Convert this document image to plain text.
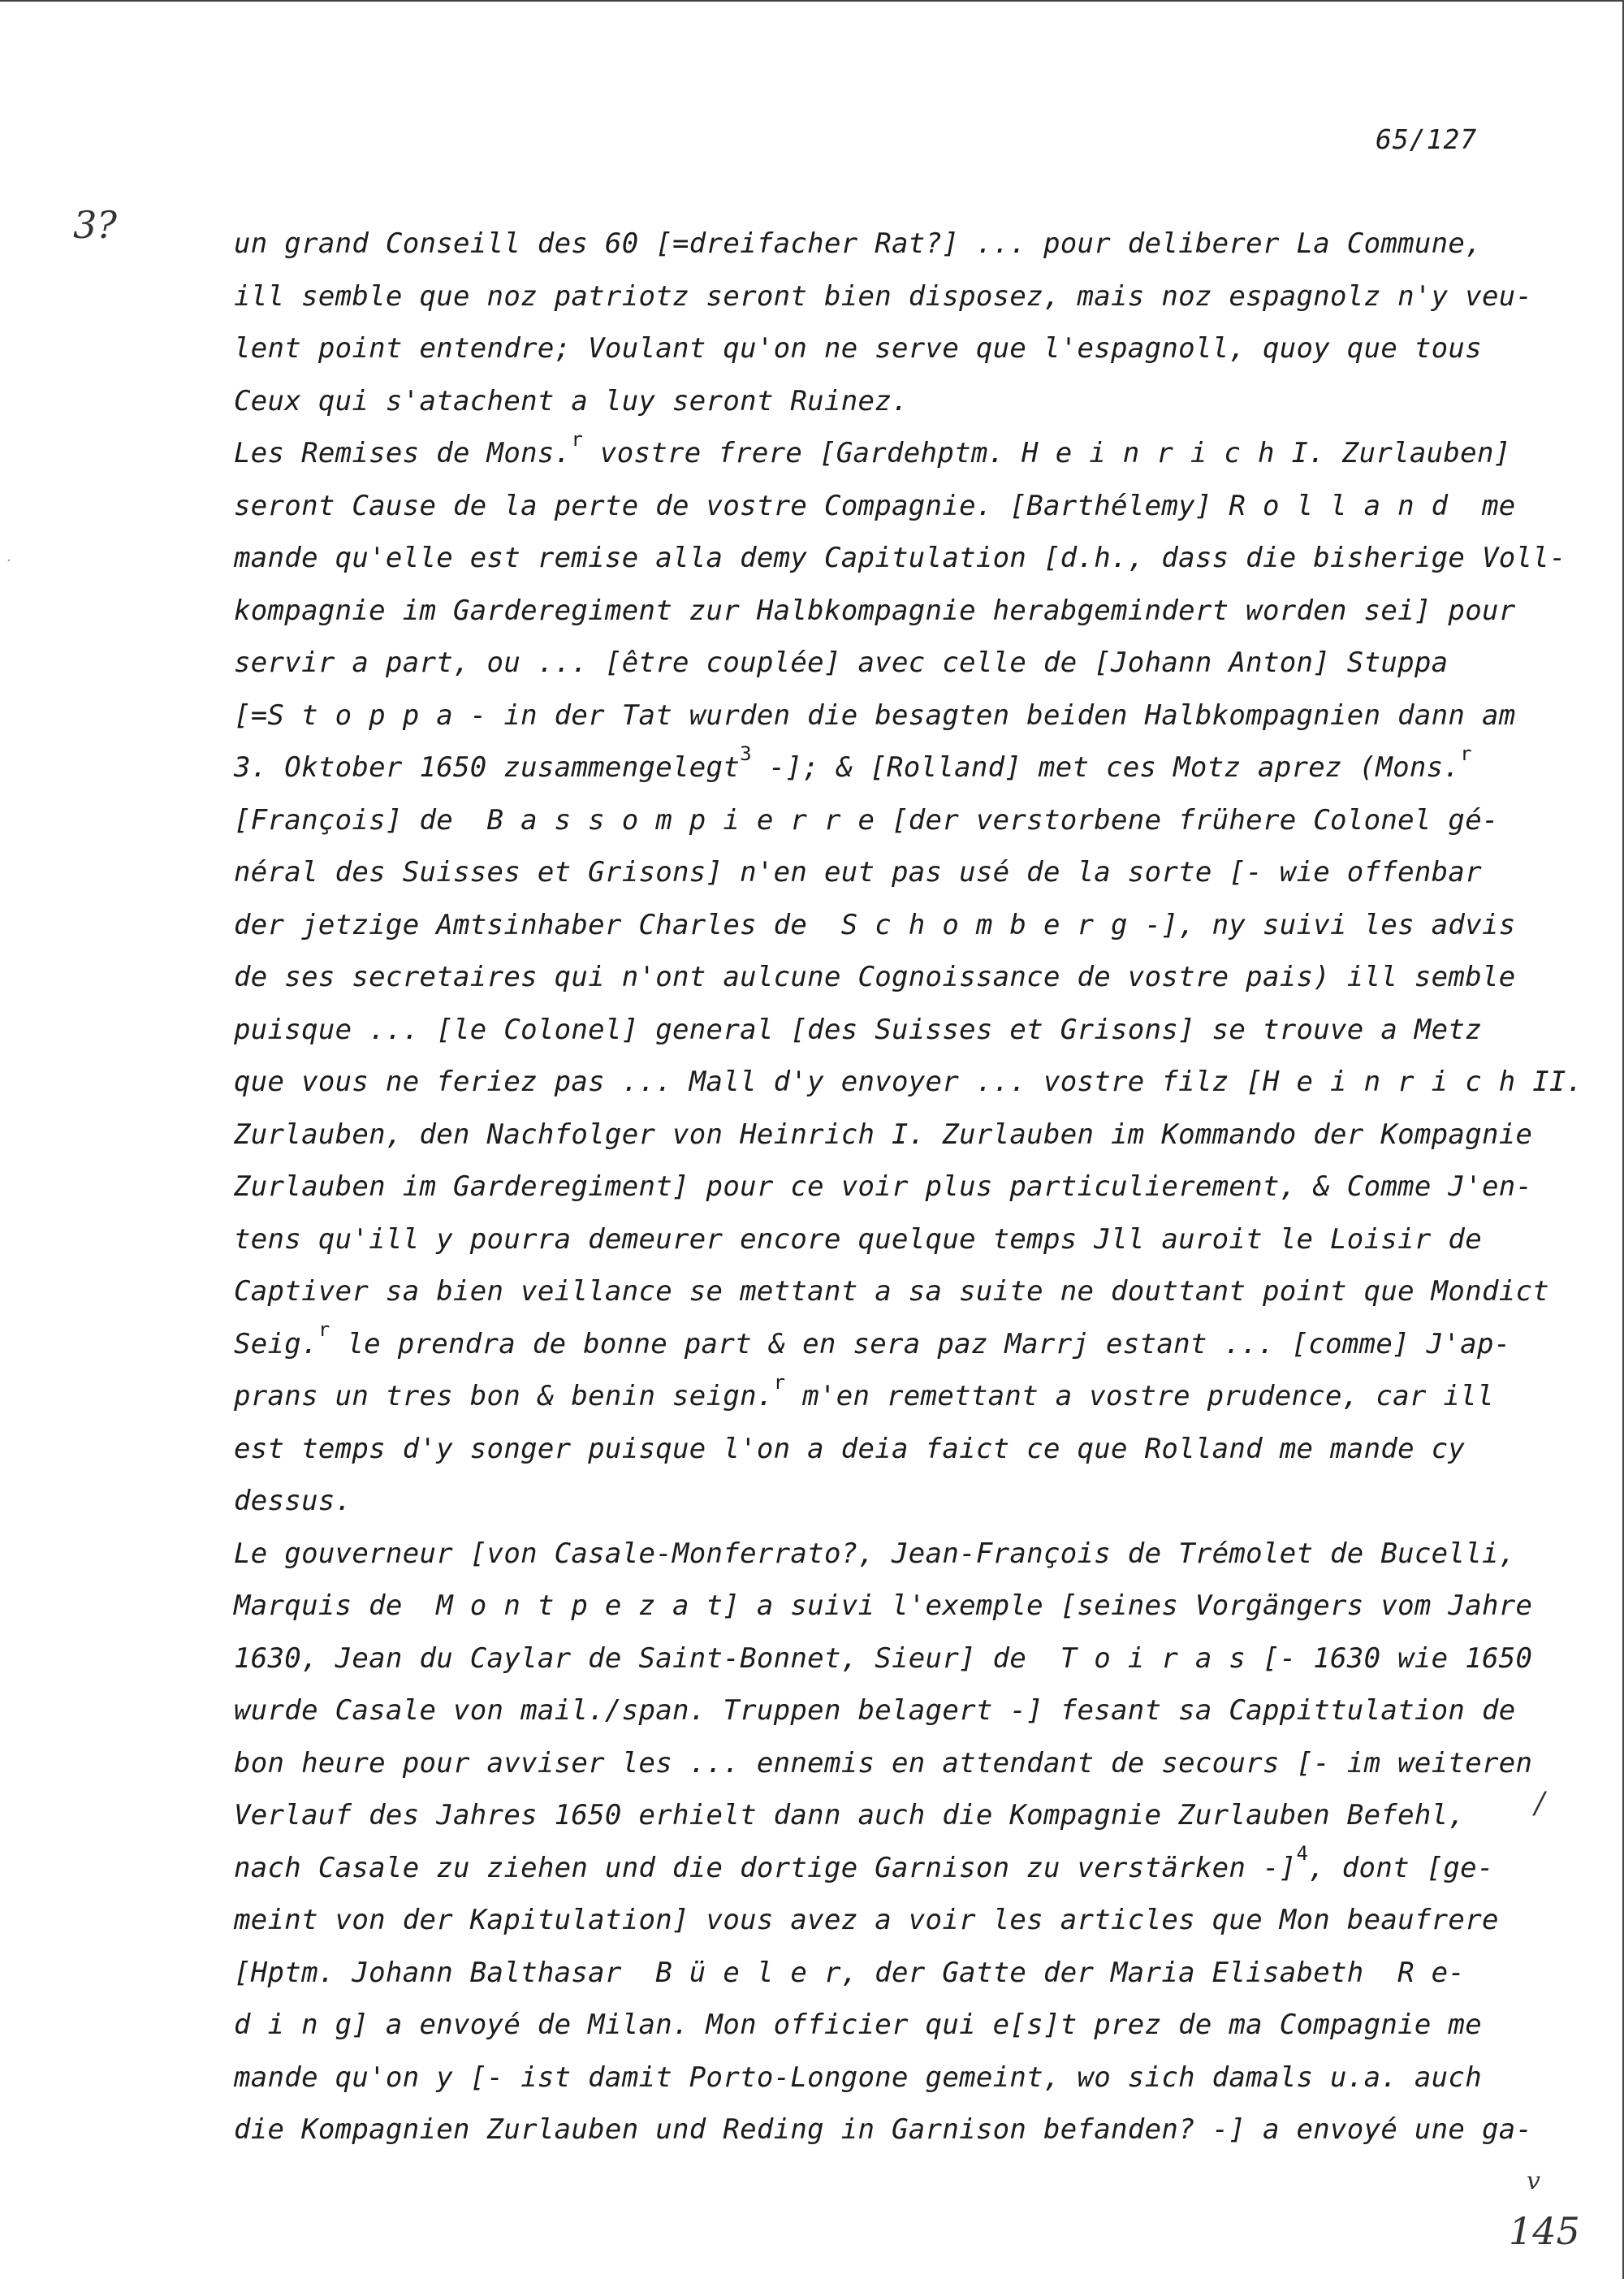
65/127
3?
·
/
v
145
un grand Conseill des 60 [=dreifacher Rat?] ... pour deliberer La Commune,
ill semble que noz patriotz seront bien disposez, mais noz espagnolz n'y veu-
lent point entendre; Voulant qu'on ne serve que l'espagnoll, quoy que tous
Ceux qui s'atachent a luy seront Ruinez.
Les Remises de Mons.$^r$ vostre frere [Gardehptm. H e i n r i c h I. Zurlauben]
seront Cause de la perte de vostre Compagnie. [Barthélemy] R o l l a n d  me
mande qu'elle est remise alla demy Capitulation [d.h., dass die bisherige Voll-
kompagnie im Garderegiment zur Halbkompagnie herabgemindert worden sei] pour
servir a part, ou ... [être couplée] avec celle de [Johann Anton] Stuppa
[=S t o p p a - in der Tat wurden die besagten beiden Halbkompagnien dann am
3. Oktober 1650 zusammengelegt$^3$ -]; & [Rolland] met ces Motz aprez (Mons.$^r$
[François] de  B a s s o m p i e r r e [der verstorbene frühere Colonel gé-
néral des Suisses et Grisons] n'en eut pas usé de la sorte [- wie offenbar
der jetzige Amtsinhaber Charles de  S c h o m b e r g -], ny suivi les advis
de ses secretaires qui n'ont aulcune Cognoissance de vostre pais) ill semble
puisque ... [le Colonel] general [des Suisses et Grisons] se trouve a Metz
que vous ne feriez pas ... Mall d'y envoyer ... vostre filz [H e i n r i c h II.
Zurlauben, den Nachfolger von Heinrich I. Zurlauben im Kommando der Kompagnie
Zurlauben im Garderegiment] pour ce voir plus particulierement, & Comme J'en-
tens qu'ill y pourra demeurer encore quelque temps Jll auroit le Loisir de
Captiver sa bien veillance se mettant a sa suite ne douttant point que Mondict
Seig.$^r$ le prendra de bonne part & en sera paz Marrj estant ... [comme] J'ap-
prans un tres bon & benin seign.$^r$ m'en remettant a vostre prudence, car ill
est temps d'y songer puisque l'on a deia faict ce que Rolland me mande cy
dessus.
Le gouverneur [von Casale-Monferrato?, Jean-François de Trémolet de Bucelli,
Marquis de  M o n t p e z a t] a suivi l'exemple [seines Vorgängers vom Jahre
1630, Jean du Caylar de Saint-Bonnet, Sieur] de  T o i r a s [- 1630 wie 1650
wurde Casale von mail./span. Truppen belagert -] fesant sa Cappittulation de
bon heure pour avviser les ... ennemis en attendant de secours [- im weiteren
Verlauf des Jahres 1650 erhielt dann auch die Kompagnie Zurlauben Befehl,
nach Casale zu ziehen und die dortige Garnison zu verstärken -]$^4$, dont [ge-
meint von der Kapitulation] vous avez a voir les articles que Mon beaufrere
[Hptm. Johann Balthasar  B ü e l e r, der Gatte der Maria Elisabeth  R e-
d i n g] a envoyé de Milan. Mon officier qui e[s]t prez de ma Compagnie me
mande qu'on y [- ist damit Porto-Longone gemeint, wo sich damals u.a. auch
die Kompagnien Zurlauben und Reding in Garnison befanden? -] a envoyé une ga-
